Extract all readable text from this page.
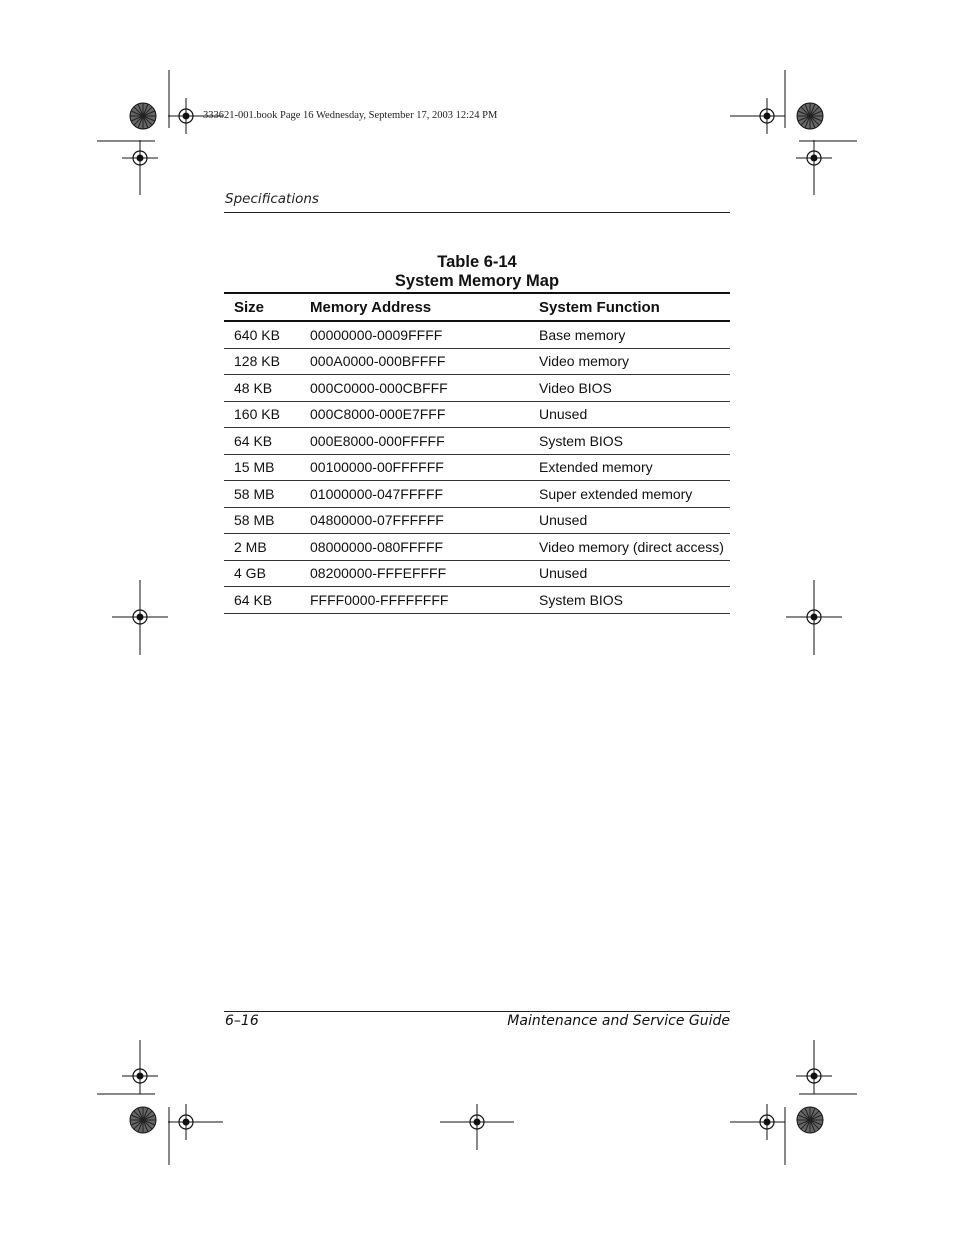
333621-001.book Page 16 Wednesday, September 17, 2003 12:24 PM
Specifications
Table 6-14
System Memory Map
Size	Memory Address	System Function
640 KB	00000000-0009FFFF	Base memory
128 KB	000A0000-000BFFFF	Video memory
48 KB	000C0000-000CBFFF	Video BIOS
160 KB	000C8000-000E7FFF	Unused
64 KB	000E8000-000FFFFF	System BIOS
15 MB	00100000-00FFFFFF	Extended memory
58 MB	01000000-047FFFFF	Super extended memory
58 MB	04800000-07FFFFFF	Unused
2 MB	08000000-080FFFFF	Video memory (direct access)
4 GB	08200000-FFFEFFFF	Unused
64 KB	FFFF0000-FFFFFFFF	System BIOS
6–16	Maintenance and Service Guide
